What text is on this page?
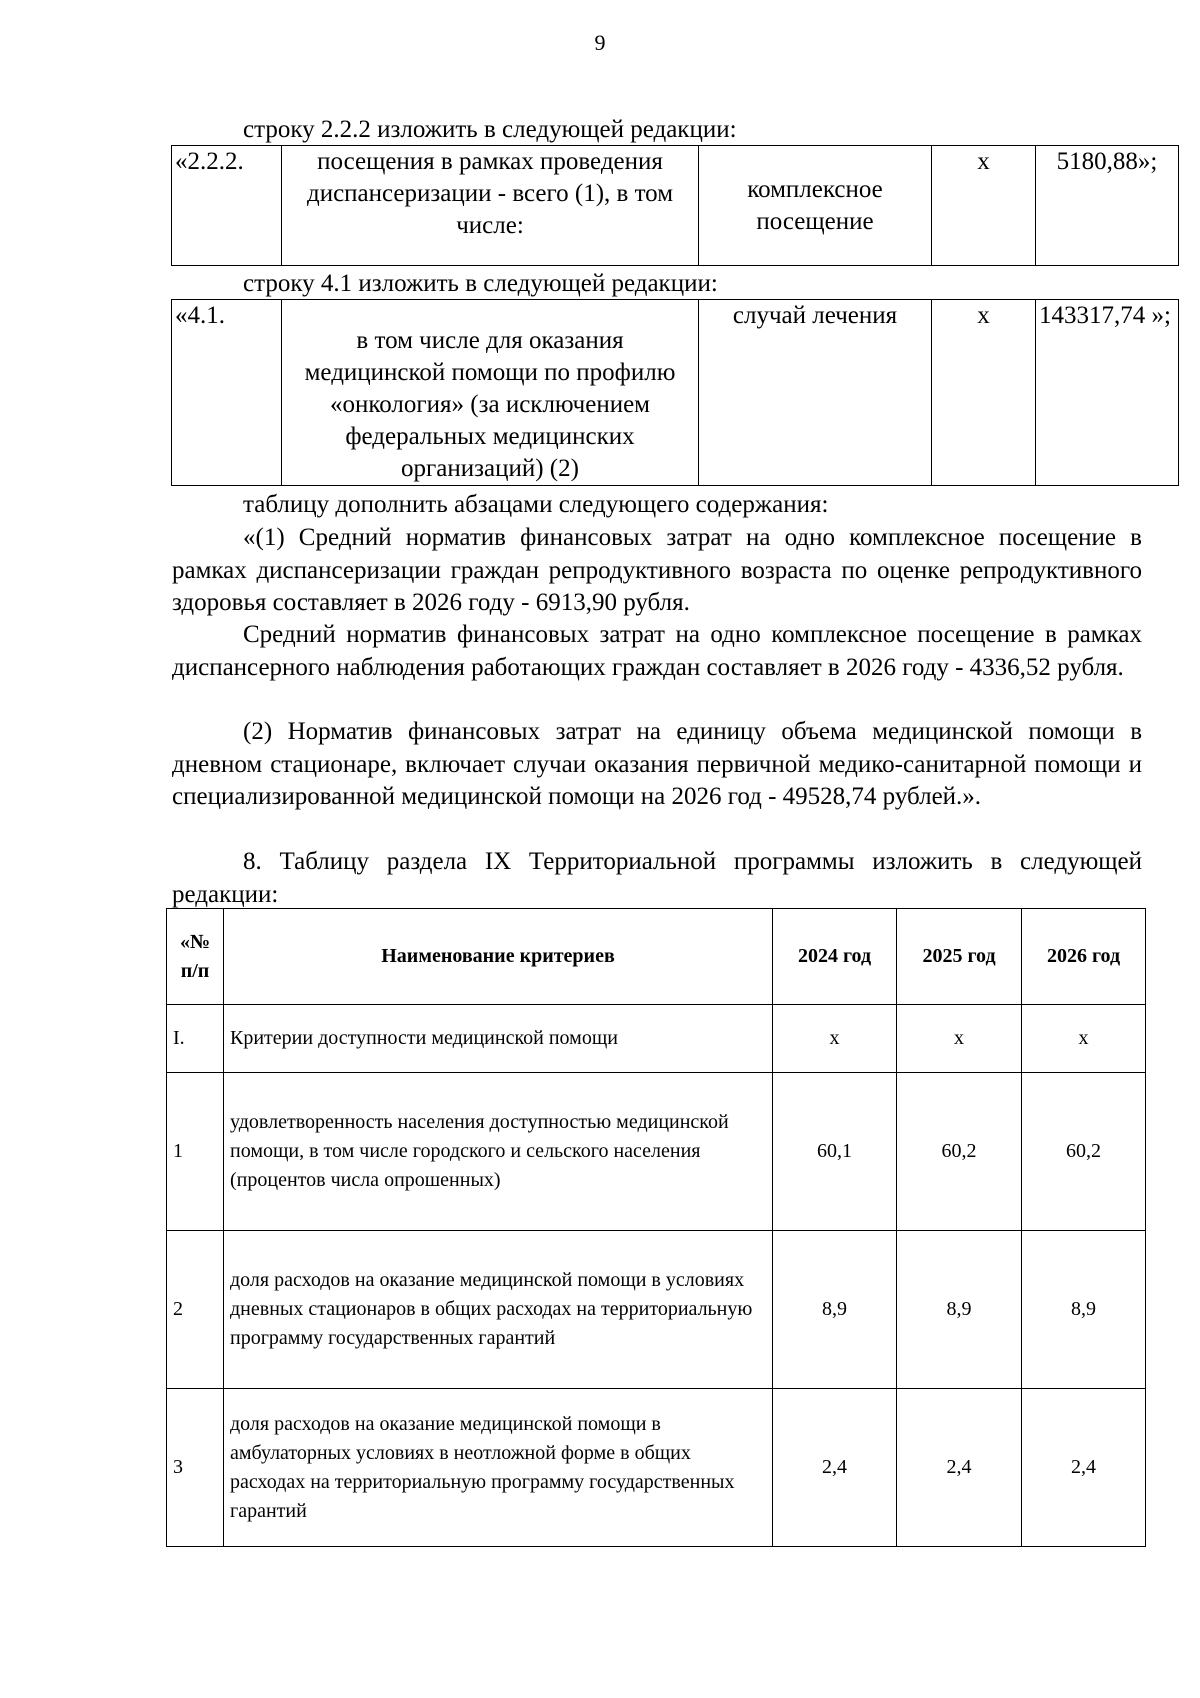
9
строку 2.2.2 изложить в следующей редакции:
«2.2.2.	посещения в рамках проведения диспансеризации - всего (1), в том числе:	комплексное посещение	х	5180,88»;
строку 4.1 изложить в следующей редакции:
«4.1.	в том числе для оказания медицинской помощи по профилю «онкология» (за исключением федеральных медицинских организаций) (2)	случай лечения	х	143317,74 »;

таблицу дополнить абзацами следующего содержания:

«(1) Средний норматив финансовых затрат на одно комплексное посещение в рамках диспансеризации граждан репродуктивного возраста по оценке репродуктивного здоровья составляет в 2026 году - 6913,90 рубля.

Средний норматив финансовых затрат на одно комплексное посещение в рамках диспансерного наблюдения работающих граждан составляет в 2026 году - 4336,52 рубля.

(2) Норматив финансовых затрат на единицу объема медицинской помощи в дневном стационаре, включает случаи оказания первичной медико-санитарной помощи и специализированной медицинской помощи на 2026 год - 49528,74 рублей.».

8. Таблицу раздела IX Территориальной программы изложить в следующей редакции:

«№ п/п	Наименование критериев	2024 год	2025 год	2026 год
I.	Критерии доступности медицинской помощи	х	х	х
1	удовлетворенность населения доступностью медицинской помощи, в том числе городского и сельского населения (процентов числа опрошенных)	60,1	60,2	60,2
2	доля расходов на оказание медицинской помощи в условиях дневных стационаров в общих расходах на территориальную программу государственных гарантий	8,9	8,9	8,9
3	доля расходов на оказание медицинской помощи в амбулаторных условиях в неотложной форме в общих расходах на территориальную программу государственных гарантий	2,4	2,4	2,4
